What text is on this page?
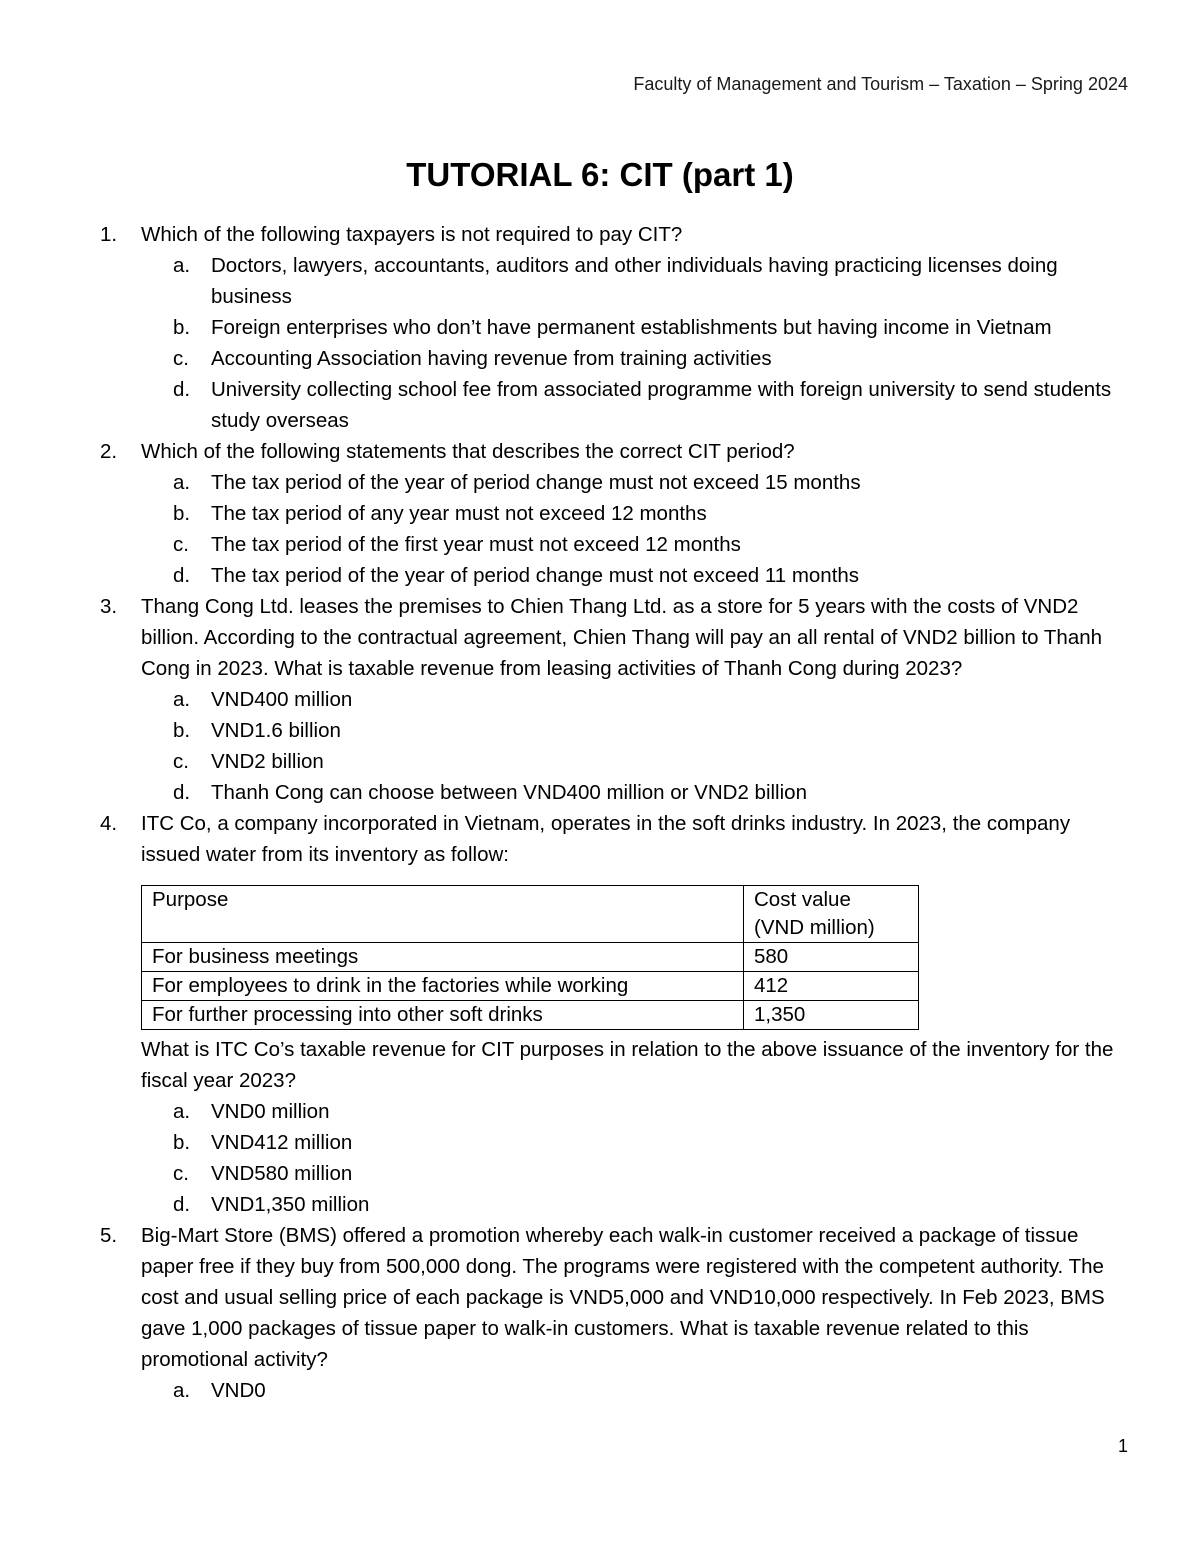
Faculty of Management and Tourism – Taxation – Spring 2024
TUTORIAL 6: CIT (part 1)
1.	Which of the following taxpayers is not required to pay CIT?
a. Doctors, lawyers, accountants, auditors and other individuals having practicing licenses doing business
b. Foreign enterprises who don’t have permanent establishments but having income in Vietnam
c. Accounting Association having revenue from training activities
d. University collecting school fee from associated programme with foreign university to send students study overseas
2.	Which of the following statements that describes the correct CIT period?
a. The tax period of the year of period change must not exceed 15 months
b. The tax period of any year must not exceed 12 months
c. The tax period of the first year must not exceed 12 months
d. The tax period of the year of period change must not exceed 11 months
3.	Thang Cong Ltd. leases the premises to Chien Thang Ltd. as a store for 5 years with the costs of VND2 billion. According to the contractual agreement, Chien Thang will pay an all rental of VND2 billion to Thanh Cong in 2023. What is taxable revenue from leasing activities of Thanh Cong during 2023?
a. VND400 million
b. VND1.6 billion
c. VND2 billion
d. Thanh Cong can choose between VND400 million or VND2 billion
4.	ITC Co, a company incorporated in Vietnam, operates in the soft drinks industry. In 2023, the company issued water from its inventory as follow:
Purpose	Cost value
(VND million)

For business meetings	580
For employees to drink in the factories while working	412
For further processing into other soft drinks	1,350
What is ITC Co’s taxable revenue for CIT purposes in relation to the above issuance of the inventory for the fiscal year 2023?
a. VND0 million
b. VND412 million
c. VND580 million
d. VND1,350 million
5.	Big-Mart Store (BMS) offered a promotion whereby each walk-in customer received a package of tissue paper free if they buy from 500,000 dong. The programs were registered with the competent authority. The cost and usual selling price of each package is VND5,000 and VND10,000 respectively. In Feb 2023, BMS gave 1,000 packages of tissue paper to walk-in customers. What is taxable revenue related to this promotional activity?
a. VND0
1
